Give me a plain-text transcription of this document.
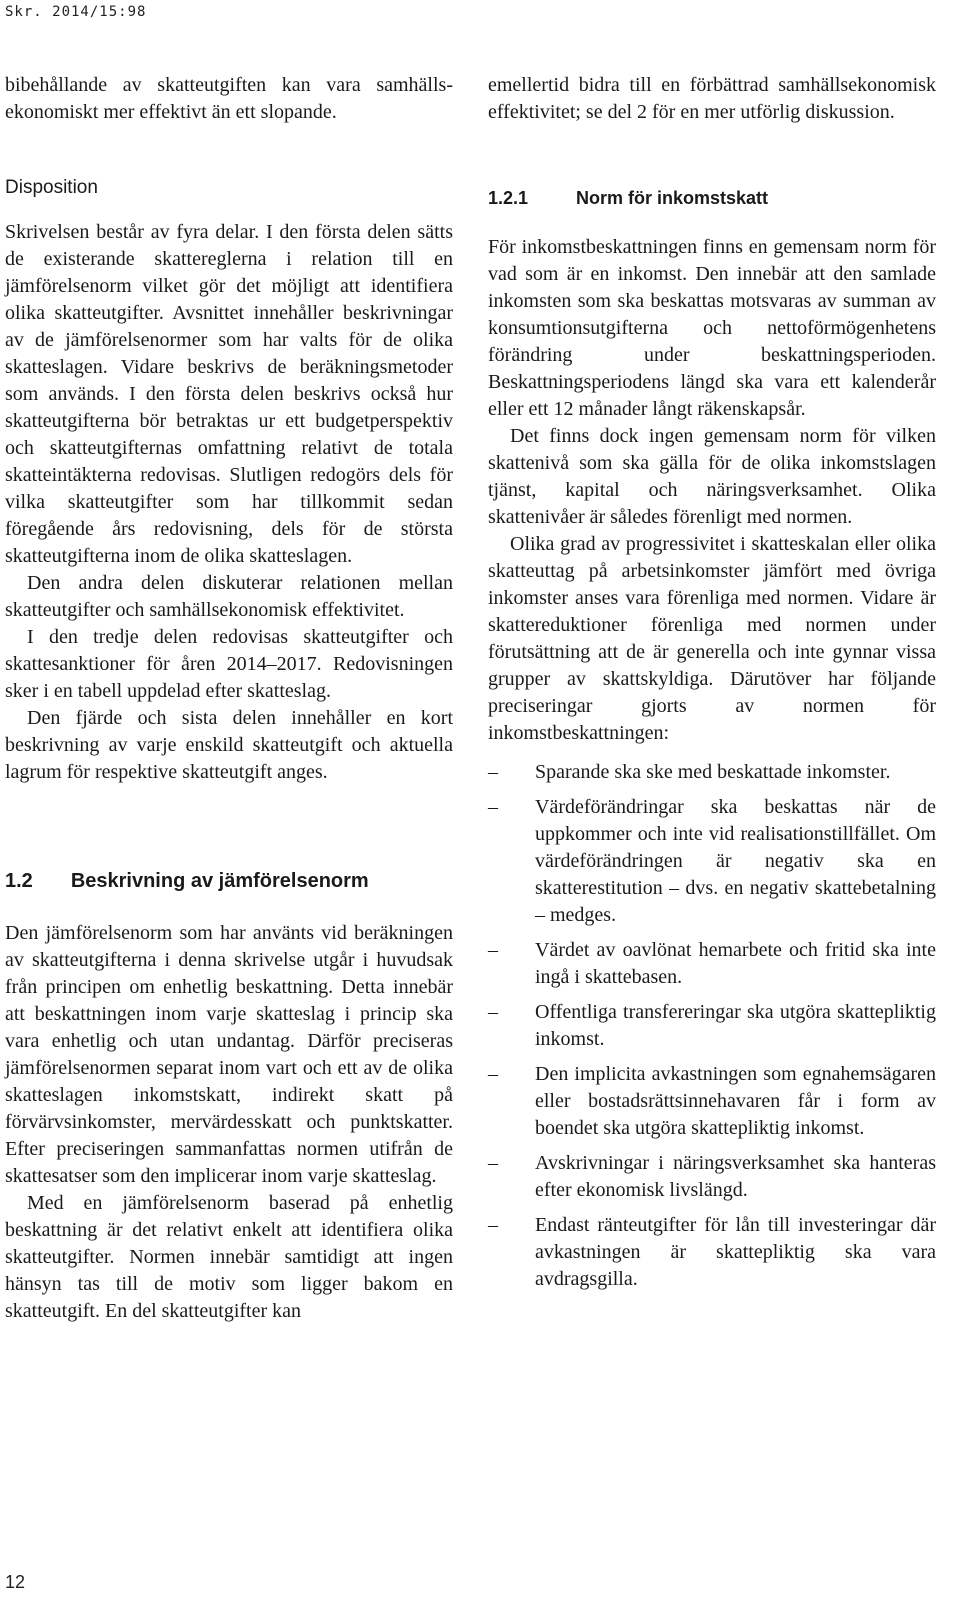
Skr. 2014/15:98

bibehållande av skatteutgiften kan vara samhällsekonomiskt mer effektivt än ett slopande.

Disposition

Skrivelsen består av fyra delar. I den första delen sätts de existerande skattereglerna i relation till en jämförelsenorm vilket gör det möjligt att identifiera olika skatteutgifter. Avsnittet innehåller beskrivningar av de jämförelsenormer som har valts för de olika skatteslagen. Vidare beskrivs de beräkningsmetoder som används. I den första delen beskrivs också hur skatteutgifterna bör betraktas ur ett budgetperspektiv och skatteutgifternas omfattning relativt de totala skatteintäkterna redovisas. Slutligen redogörs dels för vilka skatteutgifter som har tillkommit sedan föregående års redovisning, dels för de största skatteutgifterna inom de olika skatteslagen.

Den andra delen diskuterar relationen mellan skatteutgifter och samhällsekonomisk effektivitet.

I den tredje delen redovisas skatteutgifter och skattesanktioner för åren 2014–2017. Redovisningen sker i en tabell uppdelad efter skatteslag.

Den fjärde och sista delen innehåller en kort beskrivning av varje enskild skatteutgift och aktuella lagrum för respektive skatteutgift anges.

1.2 Beskrivning av jämförelsenorm

Den jämförelsenorm som har använts vid beräkningen av skatteutgifterna i denna skrivelse utgår i huvudsak från principen om enhetlig beskattning. Detta innebär att beskattningen inom varje skatteslag i princip ska vara enhetlig och utan undantag. Därför preciseras jämförelsenormen separat inom vart och ett av de olika skatteslagen inkomstskatt, indirekt skatt på förvärvsinkomster, mervärdesskatt och punktskatter. Efter preciseringen sammanfattas normen utifrån de skattesatser som den implicerar inom varje skatteslag.

Med en jämförelsenorm baserad på enhetlig beskattning är det relativt enkelt att identifiera olika skatteutgifter. Normen innebär samtidigt att ingen hänsyn tas till de motiv som ligger bakom en skatteutgift. En del skatteutgifter kan

emellertid bidra till en förbättrad samhällsekonomisk effektivitet; se del 2 för en mer utförlig diskussion.

1.2.1	Norm för inkomstskatt

För inkomstbeskattningen finns en gemensam norm för vad som är en inkomst. Den innebär att den samlade inkomsten som ska beskattas motsvaras av summan av konsumtionsutgifterna och nettoförmögenhetens förändring under beskattningsperioden. Beskattningsperiodens längd ska vara ett kalenderår eller ett 12 månader långt räkenskapsår.

Det finns dock ingen gemensam norm för vilken skattenivå som ska gälla för de olika inkomstslagen tjänst, kapital och näringsverksamhet. Olika skattenivåer är således förenligt med normen.

Olika grad av progressivitet i skatteskalan eller olika skatteuttag på arbetsinkomster jämfört med övriga inkomster anses vara förenliga med normen. Vidare är skattereduktioner förenliga med normen under förutsättning att de är generella och inte gynnar vissa grupper av skattskyldiga. Därutöver har följande preciseringar gjorts av normen för inkomstbeskattningen:

–	Sparande ska ske med beskattade inkomster.
–	Värdeförändringar ska beskattas när de uppkommer och inte vid realisationstillfället. Om värdeförändringen är negativ ska en skatterestitution – dvs. en negativ skattebetalning – medges.
–	Värdet av oavlönat hemarbete och fritid ska inte ingå i skattebasen.
–	Offentliga transfereringar ska utgöra skattepliktig inkomst.
–	Den implicita avkastningen som egnahemsägaren eller bostadsrättsinnehavaren får i form av boendet ska utgöra skattepliktig inkomst.
–	Avskrivningar i näringsverksamhet ska hanteras efter ekonomisk livslängd.
–	Endast ränteutgifter för lån till investeringar där avkastningen är skattepliktig ska vara avdragsgilla.
12
